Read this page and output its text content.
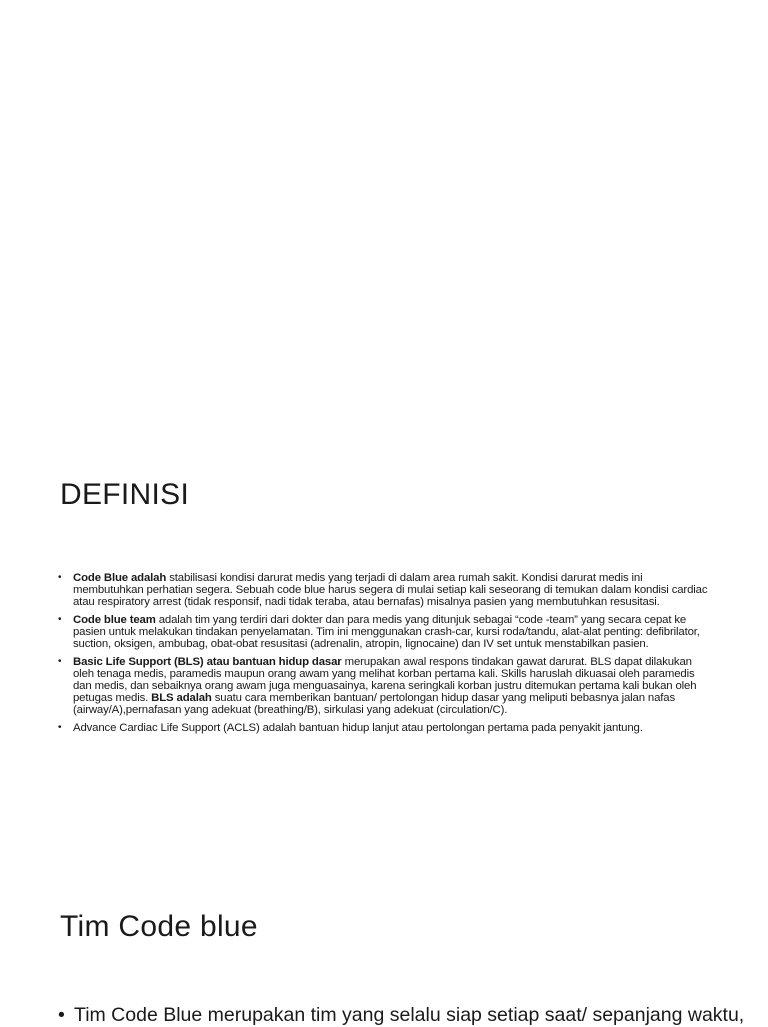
DEFINISI
• Code Blue adalah stabilisasi kondisi darurat medis yang terjadi di dalam area rumah sakit. Kondisi darurat medis ini membutuhkan perhatian segera. Sebuah code blue harus segera di mulai setiap kali seseorang di temukan dalam kondisi cardiac atau respiratory arrest (tidak responsif, nadi tidak teraba, atau bernafas) misalnya pasien yang membutuhkan resusitasi.
• Code blue team adalah tim yang terdiri dari dokter dan para medis yang ditunjuk sebagai “code -team” yang secara cepat ke pasien untuk melakukan tindakan penyelamatan. Tim ini menggunakan crash-car, kursi roda/tandu, alat-alat penting: defibrilator, suction, oksigen, ambubag, obat-obat resusitasi (adrenalin, atropin, lignocaine) dan IV set untuk menstabilkan pasien.
• Basic Life Support (BLS) atau bantuan hidup dasar merupakan awal respons tindakan gawat darurat. BLS dapat dilakukan oleh tenaga medis, paramedis maupun orang awam yang melihat korban pertama kali. Skills haruslah dikuasai oleh paramedis dan medis, dan sebaiknya orang awam juga menguasainya, karena seringkali korban justru ditemukan pertama kali bukan oleh petugas medis. BLS adalah suatu cara memberikan bantuan/ pertolongan hidup dasar yang meliputi bebasnya jalan nafas (airway/A),pernafasan yang adekuat (breathing/B), sirkulasi yang adekuat (circulation/C).
• Advance Cardiac Life Support (ACLS) adalah bantuan hidup lanjut atau pertolongan pertama pada penyakit jantung.
Tim Code blue
• Tim Code Blue merupakan tim yang selalu siap setiap saat/ sepanjang waktu,
